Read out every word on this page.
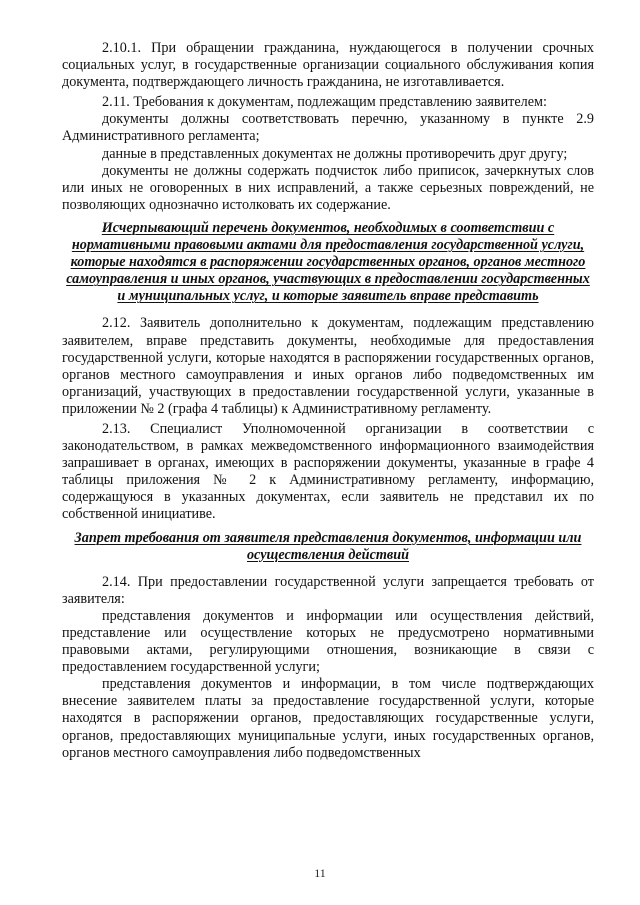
2.10.1. При обращении гражданина, нуждающегося в получении срочных социальных услуг, в государственные организации социального обслуживания копия документа, подтверждающего личность гражданина, не изготавливается.

2.11. Требования к документам, подлежащим представлению заявителем:

документы должны соответствовать перечню, указанному в пункте 2.9 Административного регламента;

данные в представленных документах не должны противоречить друг другу;

документы не должны содержать подчисток либо приписок, зачеркнутых слов или иных не оговоренных в них исправлений, а также серьезных повреждений, не позволяющих однозначно истолковать их содержание.

Исчерпывающий перечень документов, необходимых в соответствии с нормативными правовыми актами для предоставления государственной услуги, которые находятся в распоряжении государственных органов, органов местного самоуправления и иных органов, участвующих в предоставлении государственных и муниципальных услуг, и которые заявитель вправе представить

2.12. Заявитель дополнительно к документам, подлежащим представлению заявителем, вправе представить документы, необходимые для предоставления государственной услуги, которые находятся в распоряжении государственных органов, органов местного самоуправления и иных органов либо подведомственных им организаций, участвующих в предоставлении государственной услуги, указанные в приложении № 2 (графа 4 таблицы) к Административному регламенту.

2.13. Специалист Уполномоченной организации в соответствии с законодательством, в рамках межведомственного информационного взаимодействия запрашивает в органах, имеющих в распоряжении документы, указанные в графе 4 таблицы приложения № 2 к Административному регламенту, информацию, содержащуюся в указанных документах, если заявитель не представил их по собственной инициативе.

Запрет требования от заявителя представления документов, информации или осуществления действий

2.14. При предоставлении государственной услуги запрещается требовать от заявителя:

представления документов и информации или осуществления действий, представление или осуществление которых не предусмотрено нормативными правовыми актами, регулирующими отношения, возникающие в связи с предоставлением государственной услуги;

представления документов и информации, в том числе подтверждающих внесение заявителем платы за предоставление государственной услуги, которые находятся в распоряжении органов, предоставляющих государственные услуги, органов, предоставляющих муниципальные услуги, иных государственных органов, органов местного самоуправления либо подведомственных

11
